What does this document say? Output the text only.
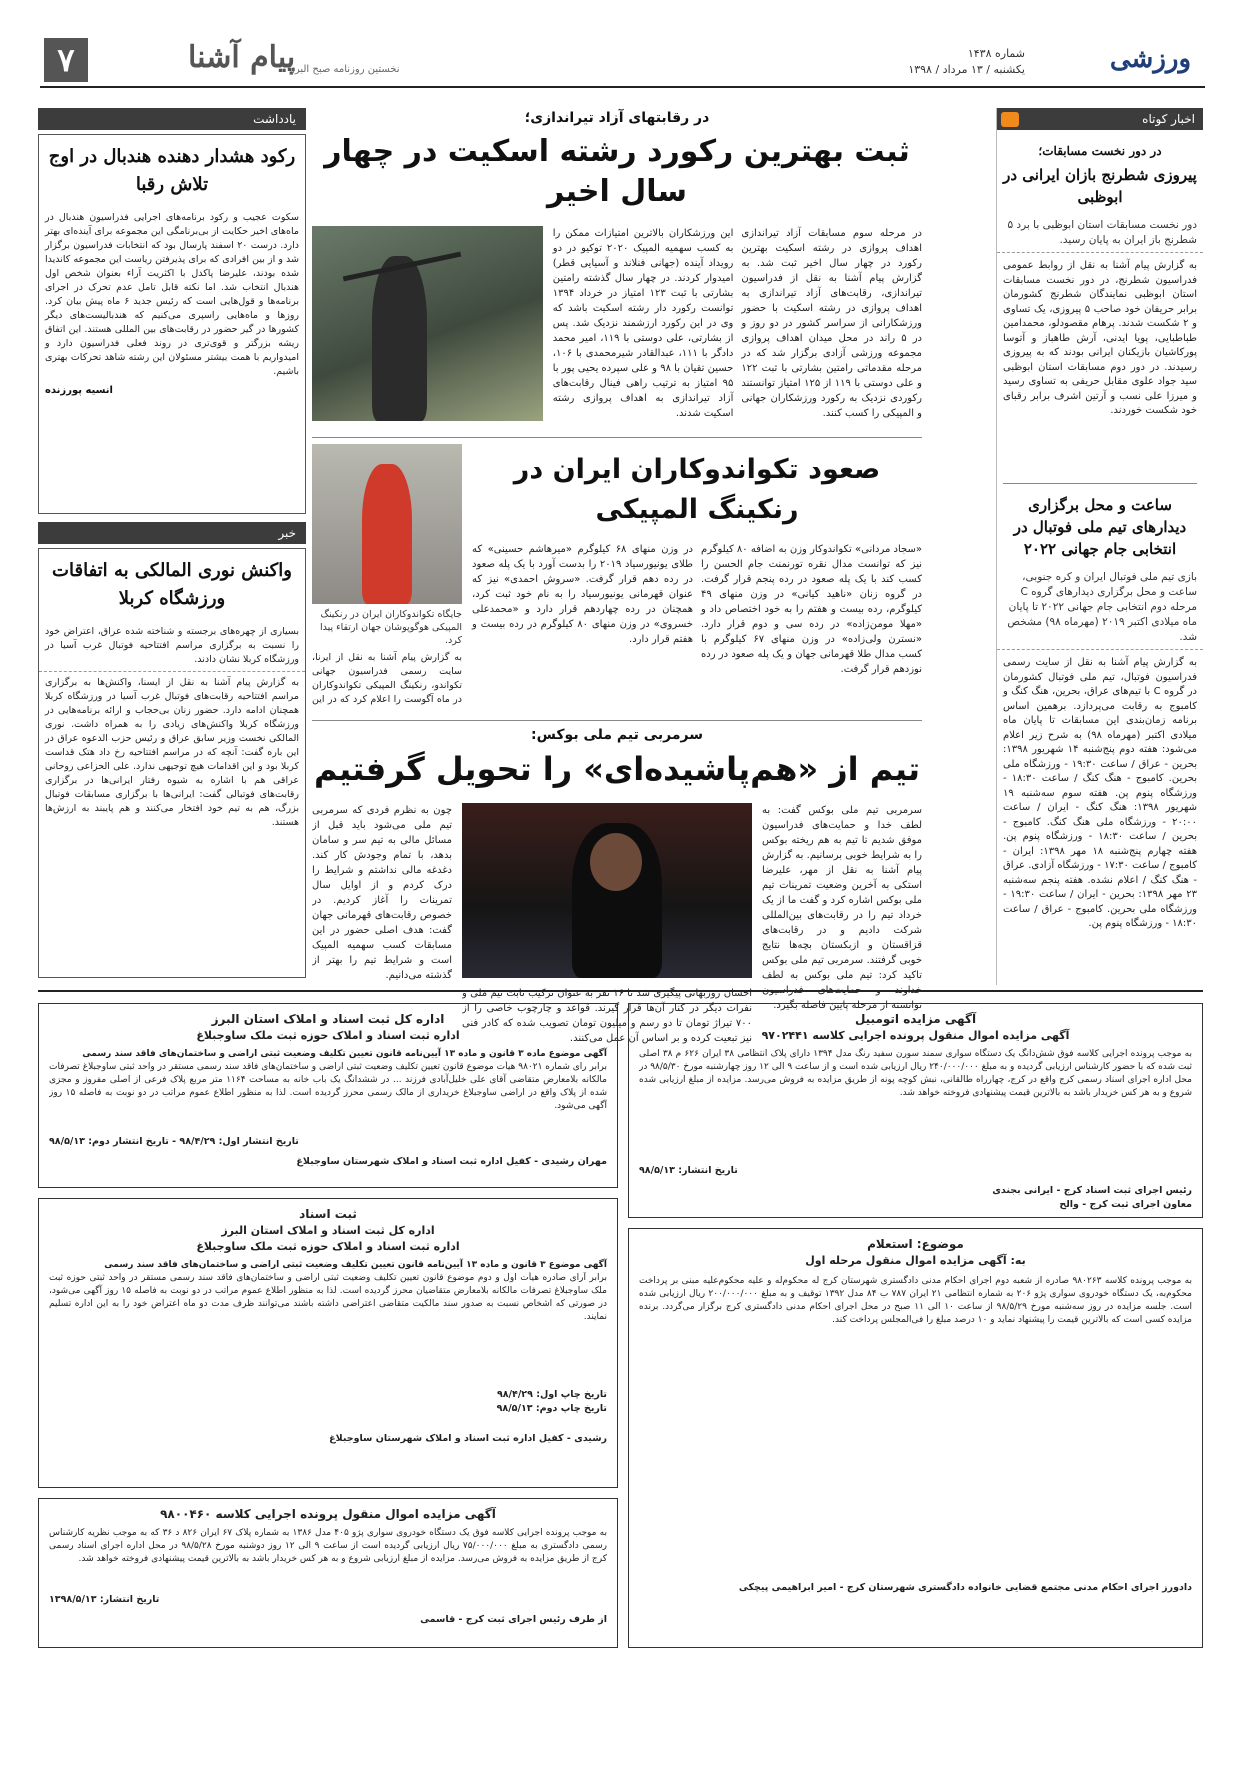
ورزشی
شماره ۱۴۳۸
یکشنبه / ۱۳ مرداد / ۱۳۹۸
پیام آشنا
نخستین روزنامه صبح البرز
۷
اخبار کوتاه
در دور نخست مسابقات؛
پیروزی شطرنج بازان ایرانی در ابوظبی
دور نخست مسابقات استان ابوظبی با برد ۵ شطرنج باز ایران به پایان رسید.
به گزارش پیام آشنا به نقل از روابط عمومی فدراسیون شطرنج، در دور نخست مسابقات استان ابوظبی نمایندگان شطرنج کشورمان برابر حریفان خود صاحب ۵ پیروزی، یک تساوی و ۲ شکست شدند. پرهام مقصودلو، محمدامین طباطبایی، پویا ایدنی، آرش طاهباز و آتوسا پورکاشیان بازیکنان ایرانی بودند که به پیروزی رسیدند. در دور دوم مسابقات استان ابوظبی سید جواد علوی مقابل حریفی به تساوی رسید و میرزا علی نسب و آرتین اشرف برابر رقبای خود شکست خوردند.
ساعت و محل برگزاری دیدارهای تیم ملی فوتبال در انتخابی جام جهانی ۲۰۲۲
بازی تیم ملی فوتبال ایران و کره جنوبی، ساعت و محل برگزاری دیدارهای گروه C مرحله دوم انتخابی جام جهانی ۲۰۲۲ تا پایان ماه میلادی اکتبر ۲۰۱۹ (مهرماه ۹۸) مشخص شد.
به گزارش پیام آشنا به نقل از سایت رسمی فدراسیون فوتبال، تیم ملی فوتبال کشورمان در گروه C با تیم‌های عراق، بحرین، هنگ کنگ و کامبوج به رقابت می‌پردازد. برهمین اساس برنامه زمان‌بندی این مسابقات تا پایان ماه میلادی اکتبر (مهرماه ۹۸) به شرح زیر اعلام می‌شود: هفته دوم پنج‌شنبه ۱۴ شهریور ۱۳۹۸: بحرین - عراق / ساعت ۱۹:۳۰ - ورزشگاه ملی بحرین. کامبوج - هنگ کنگ / ساعت ۱۸:۳۰ - ورزشگاه پنوم پن. هفته سوم سه‌شنبه ۱۹ شهریور ۱۳۹۸: هنگ کنگ - ایران / ساعت ۲۰:۰۰ - ورزشگاه ملی هنگ کنگ. کامبوج - بحرین / ساعت ۱۸:۳۰ - ورزشگاه پنوم پن. هفته چهارم پنج‌شنبه ۱۸ مهر ۱۳۹۸: ایران - کامبوج / ساعت ۱۷:۳۰ - ورزشگاه آزادی. عراق - هنگ کنگ / اعلام نشده. هفته پنجم سه‌شنبه ۲۳ مهر ۱۳۹۸: بحرین - ایران / ساعت ۱۹:۳۰ - ورزشگاه ملی بحرین. کامبوج - عراق / ساعت ۱۸:۳۰ - ورزشگاه پنوم پن.
در رقابتهای آزاد تیراندازی؛
ثبت بهترین رکورد رشته اسکیت در چهار سال اخیر

در مرحله سوم مسابقات آزاد تیراندازی اهداف پروازی در رشته اسکیت بهترین رکورد در چهار سال اخیر ثبت شد. به گزارش پیام آشنا به نقل از فدراسیون تیراندازی، رقابت‌های آزاد تیراندازی به اهداف پروازی در رشته اسکیت با حضور ورزشکارانی از سراسر کشور در دو روز و در ۵ راند در محل میدان اهداف پروازی مجموعه ورزشی آزادی برگزار شد که در مرحله مقدماتی رامتین بشارتی با ثبت ۱۲۲ و علی دوستی با ۱۱۹ از ۱۲۵ امتیاز توانستند رکوردی نزدیک به رکورد ورزشکاران جهانی و المپیکی را کسب کنند.

این ورزشکاران بالاترین امتیازات ممکن را به کسب سهمیه المپیک ۲۰۲۰ توکیو در دو رویداد آینده (جهانی فنلاند و آسیایی قطر) امیدوار کردند. در چهار سال گذشته رامتین بشارتی با ثبت ۱۲۳ امتیاز در خرداد ۱۳۹۴ توانست رکورد دار رشته اسکیت باشد که وی در این رکورد ارزشمند نزدیک شد. پس از بشارتی، علی دوستی با ۱۱۹، امیر محمد دادگر با ۱۱۱، عبدالقادر شیرمحمدی با ۱۰۶، حسین تقیان با ۹۸ و علی سپرده یحیی پور با ۹۵ امتیاز به ترتیب راهی فینال رقابت‌های آزاد تیراندازی به اهداف پروازی رشته اسکیت شدند.

صعود تکواندوکاران ایران در رنکینگ المپیکی

«سجاد مردانی» تکواندوکار وزن به اضافه ۸۰ کیلوگرم نیز که توانست مدال نقره تورنمنت جام الحسن را کسب کند با یک پله صعود در رده پنجم قرار گرفت. در گروه زنان «ناهید کیانی» در وزن منهای ۴۹ کیلوگرم، رده بیست و هفتم را به خود اختصاص داد و «مهلا مومن‌زاده» در رده سی و دوم قرار دارد. «نسترن ولی‌زاده» در وزن منهای ۶۷ کیلوگرم با کسب مدال طلا قهرمانی جهان و یک پله صعود در رده نوزدهم قرار گرفت.

در وزن منهای ۶۸ کیلوگرم «میرهاشم حسینی» که طلای یونیورسیاد ۲۰۱۹ را بدست آورد با یک پله صعود در رده دهم قرار گرفت. «سروش احمدی» نیز که عنوان قهرمانی یونیورسیاد را به نام خود ثبت کرد، همچنان در رده چهاردهم قرار دارد و «محمدعلی خسروی» در وزن منهای ۸۰ کیلوگرم در رده بیست و هفتم قرار دارد.

جایگاه تکواندوکاران ایران در رنکینگ المپیکی هوگوپوشان جهان ارتقاء پیدا کرد.

به گزارش پیام آشنا به نقل از ایرنا، سایت رسمی فدراسیون جهانی تکواندو، رنکینگ المپیکی تکواندوکاران در ماه آگوست را اعلام کرد که در این

سرمربی تیم ملی بوکس:
تیم از «هم‌پاشیده‌ای» را تحویل گرفتیم

سرمربی تیم ملی بوکس گفت: به لطف خدا و حمایت‌های فدراسیون موفق شدیم تا تیم به هم ریخته بوکس را به شرایط خوبی برسانیم. به گزارش پیام آشنا به نقل از مهر، علیرضا استکی به آخرین وضعیت تمرینات تیم ملی بوکس اشاره کرد و گفت ما از یک خرداد تیم را در رقابت‌های بین‌المللی شرکت دادیم و در رقابت‌های قزاقستان و ازبکستان بچه‌ها نتایج خوبی گرفتند. سرمربی تیم ملی بوکس تاکید کرد: تیم ملی بوکس به لطف خداوند و حمایت‌های فدراسیون توانسته از مرحله پایین فاصله بگیرد.

احسان روزبهانی پیگیری شد تا ۱۶ نفر به عنوان ترکیب ثابت تیم ملی و نفرات دیگر در کنار آن‌ها قرار گیرند. قواعد و چارچوب خاصی را از ۷۰۰ تیراژ تومان تا دو رسم و میلیون تومان تصویب شده که کادر فنی نیز تبعیت کرده و بر اساس آن عمل می‌کنند.

چون به نظرم فردی که سرمربی تیم ملی می‌شود باید قبل از مسائل مالی به تیم سر و سامان بدهد، با تمام وجودش کار کند. دغدغه مالی نداشتم و شرایط را درک کردم و از اوایل سال تمرینات را آغاز کردیم. در خصوص رقابت‌های قهرمانی جهان گفت: هدف اصلی حضور در این مسابقات کسب سهمیه المپیک است و شرایط تیم را بهتر از گذشته می‌دانیم.

یادداشت
رکود هشدار دهنده هندبال در اوج تلاش رقبا
سکوت عجیب و رکود برنامه‌های اجرایی فدراسیون هندبال در ماه‌های اخیر حکایت از بی‌برنامگی این مجموعه برای آینده‌ای بهتر دارد. درست ۲۰ اسفند پارسال بود که انتخابات فدراسیون برگزار شد و از بین افرادی که برای پذیرفتن ریاست این مجموعه کاندیدا شده بودند، علیرضا پاکدل با اکثریت آراء بعنوان شخص اول هندبال انتخاب شد. اما نکته قابل تامل عدم تحرک در اجرای برنامه‌ها و قول‌هایی است که رئیس جدید ۶ ماه پیش بیان کرد. روزها و ماه‌هایی راسپری می‌کنیم که هندبالیست‌های دیگر کشورها در گیر حضور در رقابت‌های بین المللی هستند. این اتفاق ریشه بزرگتر و قوی‌تری در روند فعلی فدراسیون دارد و امیدواریم با همت بیشتر مسئولان این رشته شاهد تحرکات بهتری باشیم.
انسیه پورزنده
خبر
واکنش نوری المالکی به اتفاقات ورزشگاه کربلا
بسیاری از چهره‌های برجسته و شناخته شده عراق، اعتراض خود را نسبت به برگزاری مراسم افتتاحیه فوتبال غرب آسیا در ورزشگاه کربلا نشان دادند.
به گزارش پیام آشنا به نقل از ایسنا، واکنش‌ها به برگزاری مراسم افتتاحیه رقابت‌های فوتبال غرب آسیا در ورزشگاه کربلا همچنان ادامه دارد. حضور زنان بی‌حجاب و ارائه برنامه‌هایی در ورزشگاه کربلا واکنش‌های زیادی را به همراه داشت. نوری المالکی نخست وزیر سابق عراق و رئیس حزب الدعوه عراق در این باره گفت: آنچه که در مراسم افتتاحیه رخ داد هتک قداست کربلا بود و این اقدامات هیچ توجیهی ندارد. علی الحزاعی روحانی عراقی هم با اشاره به شیوه رفتار ایرانی‌ها در برگزاری رقابت‌های فوتبالی گفت: ایرانی‌ها با برگزاری مسابقات فوتبال بزرگ، هم به تیم خود افتخار می‌کنند و هم پایبند به ارزش‌ها هستند.
آگهی مزایده اتومبیل
آگهی مزایده اموال منقول پرونده اجرایی کلاسه ۹۷۰۲۴۴۱
به موجب پرونده اجرایی کلاسه فوق شش‌دانگ یک دستگاه سواری سمند سورن سفید رنگ مدل ۱۳۹۴ دارای پلاک انتظامی ۳۸ ایران ۶۲۶ م ۳۸ اصلی ثبت شده که با حضور کارشناس ارزیابی گردیده و به مبلغ ۲۴۰/۰۰۰/۰۰۰ ریال ارزیابی شده است و از ساعت ۹ الی ۱۲ روز چهارشنبه مورخ ۹۸/۵/۳۰ در محل اداره اجرای اسناد رسمی کرج واقع در کرج، چهارراه طالقانی، نبش کوچه پونه از طریق مزایده به فروش می‌رسد. مزایده از مبلغ ارزیابی شده شروع و به هر کس خریدار باشد به بالاترین قیمت پیشنهادی فروخته خواهد شد.
تاریخ انتشار: ۹۸/۵/۱۳
رئیس اجرای ثبت اسناد کرج - ایرانی بجندی
معاون اجرای ثبت کرج - والح
اداره کل ثبت اسناد و املاک استان البرز
اداره ثبت اسناد و املاک حوزه ثبت ملک ساوجبلاغ
آگهی موضوع ماده ۳ قانون و ماده ۱۳ آیین‌نامه قانون تعیین تکلیف وضعیت ثبتی اراضی و ساختمان‌های فاقد سند رسمی
برابر رای شماره ۹۸۰۲۱ هیأت موضوع قانون تعیین تکلیف وضعیت ثبتی اراضی و ساختمان‌های فاقد سند رسمی مستقر در واحد ثبتی ساوجبلاغ تصرفات مالکانه بلامعارض متقاضی آقای علی خلیل‌آبادی فرزند ... در ششدانگ یک باب خانه به مساحت ۱۱۶۴ متر مربع پلاک فرعی از اصلی مفروز و مجزی شده از پلاک واقع در اراضی ساوجبلاغ خریداری از مالک رسمی محرز گردیده است. لذا به منظور اطلاع عموم مراتب در دو نوبت به فاصله ۱۵ روز آگهی می‌شود.
تاریخ انتشار اول: ۹۸/۴/۲۹ - تاریخ انتشار دوم: ۹۸/۵/۱۳
مهران رشیدی - کفیل اداره ثبت اسناد و املاک شهرستان ساوجبلاغ
ثبت اسناد
اداره کل ثبت اسناد و املاک استان البرز
اداره ثبت اسناد و املاک حوزه ثبت ملک ساوجبلاغ
آگهی موضوع ۳ قانون و ماده ۱۳ آیین‌نامه قانون تعیین تکلیف وضعیت ثبتی اراضی و ساختمان‌های فاقد سند رسمی
برابر آرای صادره هیأت اول و دوم موضوع قانون تعیین تکلیف وضعیت ثبتی اراضی و ساختمان‌های فاقد سند رسمی مستقر در واحد ثبتی حوزه ثبت ملک ساوجبلاغ تصرفات مالکانه بلامعارض متقاضیان محرز گردیده است. لذا به منظور اطلاع عموم مراتب در دو نوبت به فاصله ۱۵ روز آگهی می‌شود، در صورتی که اشخاص نسبت به صدور سند مالکیت متقاضی اعتراضی داشته باشند می‌توانند ظرف مدت دو ماه اعتراض خود را به این اداره تسلیم نمایند.
تاریخ چاپ اول: ۹۸/۴/۲۹
تاریخ چاپ دوم: ۹۸/۵/۱۳
رشیدی - کفیل اداره ثبت اسناد و املاک شهرستان ساوجبلاغ
موضوع: استعلام
به: آگهی مزایده اموال منقول مرحله اول
به موجب پرونده کلاسه ۹۸۰۲۶۳ صادره از شعبه دوم اجرای احکام مدنی دادگستری شهرستان کرج له محکوم‌له و علیه محکوم‌علیه مبنی بر پرداخت محکوم‌به، یک دستگاه خودروی سواری پژو ۲۰۶ به شماره انتظامی ۲۱ ایران ۷۸۷ ب ۸۴ مدل ۱۳۹۲ توقیف و به مبلغ ۲۰۰/۰۰۰/۰۰۰ ریال ارزیابی شده است. جلسه مزایده در روز سه‌شنبه مورخ ۹۸/۵/۲۹ از ساعت ۱۰ الی ۱۱ صبح در محل اجرای احکام مدنی دادگستری کرج برگزار می‌گردد. برنده مزایده کسی است که بالاترین قیمت را پیشنهاد نماید و ۱۰ درصد مبلغ را فی‌المجلس پرداخت کند.
دادورز اجرای احکام مدنی مجتمع قضایی خانواده دادگستری شهرستان کرج - امیر ابراهیمی پیچکی
آگهی مزایده اموال منقول پرونده اجرایی کلاسه ۹۸۰۰۴۶۰
به موجب پرونده اجرایی کلاسه فوق یک دستگاه خودروی سواری پژو ۴۰۵ مدل ۱۳۸۶ به شماره پلاک ۶۷ ایران ۸۲۶ د ۳۶ که به موجب نظریه کارشناس رسمی دادگستری به مبلغ ۷۵/۰۰۰/۰۰۰ ریال ارزیابی گردیده است از ساعت ۹ الی ۱۲ روز دوشنبه مورخ ۹۸/۵/۲۸ در محل اداره اجرای اسناد رسمی کرج از طریق مزایده به فروش می‌رسد. مزایده از مبلغ ارزیابی شروع و به هر کس خریدار باشد به بالاترین قیمت پیشنهادی فروخته خواهد شد.
تاریخ انتشار: ۱۳۹۸/۵/۱۳
از طرف رئیس اجرای ثبت کرج - قاسمی
